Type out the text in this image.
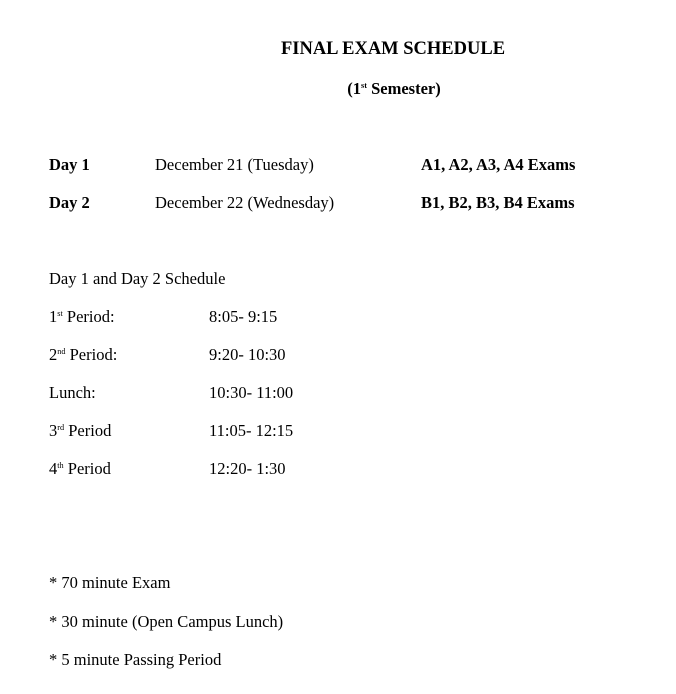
FINAL EXAM SCHEDULE
(1st Semester)
Day 1	December 21 (Tuesday)	A1, A2, A3, A4 Exams
Day 2	December 22 (Wednesday)	B1, B2, B3, B4 Exams
Day 1 and Day 2 Schedule
1st Period:	8:05- 9:15
2nd Period:	9:20- 10:30
Lunch:	10:30- 11:00
3rd Period	11:05- 12:15
4th Period	12:20- 1:30
* 70 minute Exam
* 30 minute (Open Campus Lunch)
* 5 minute Passing Period
